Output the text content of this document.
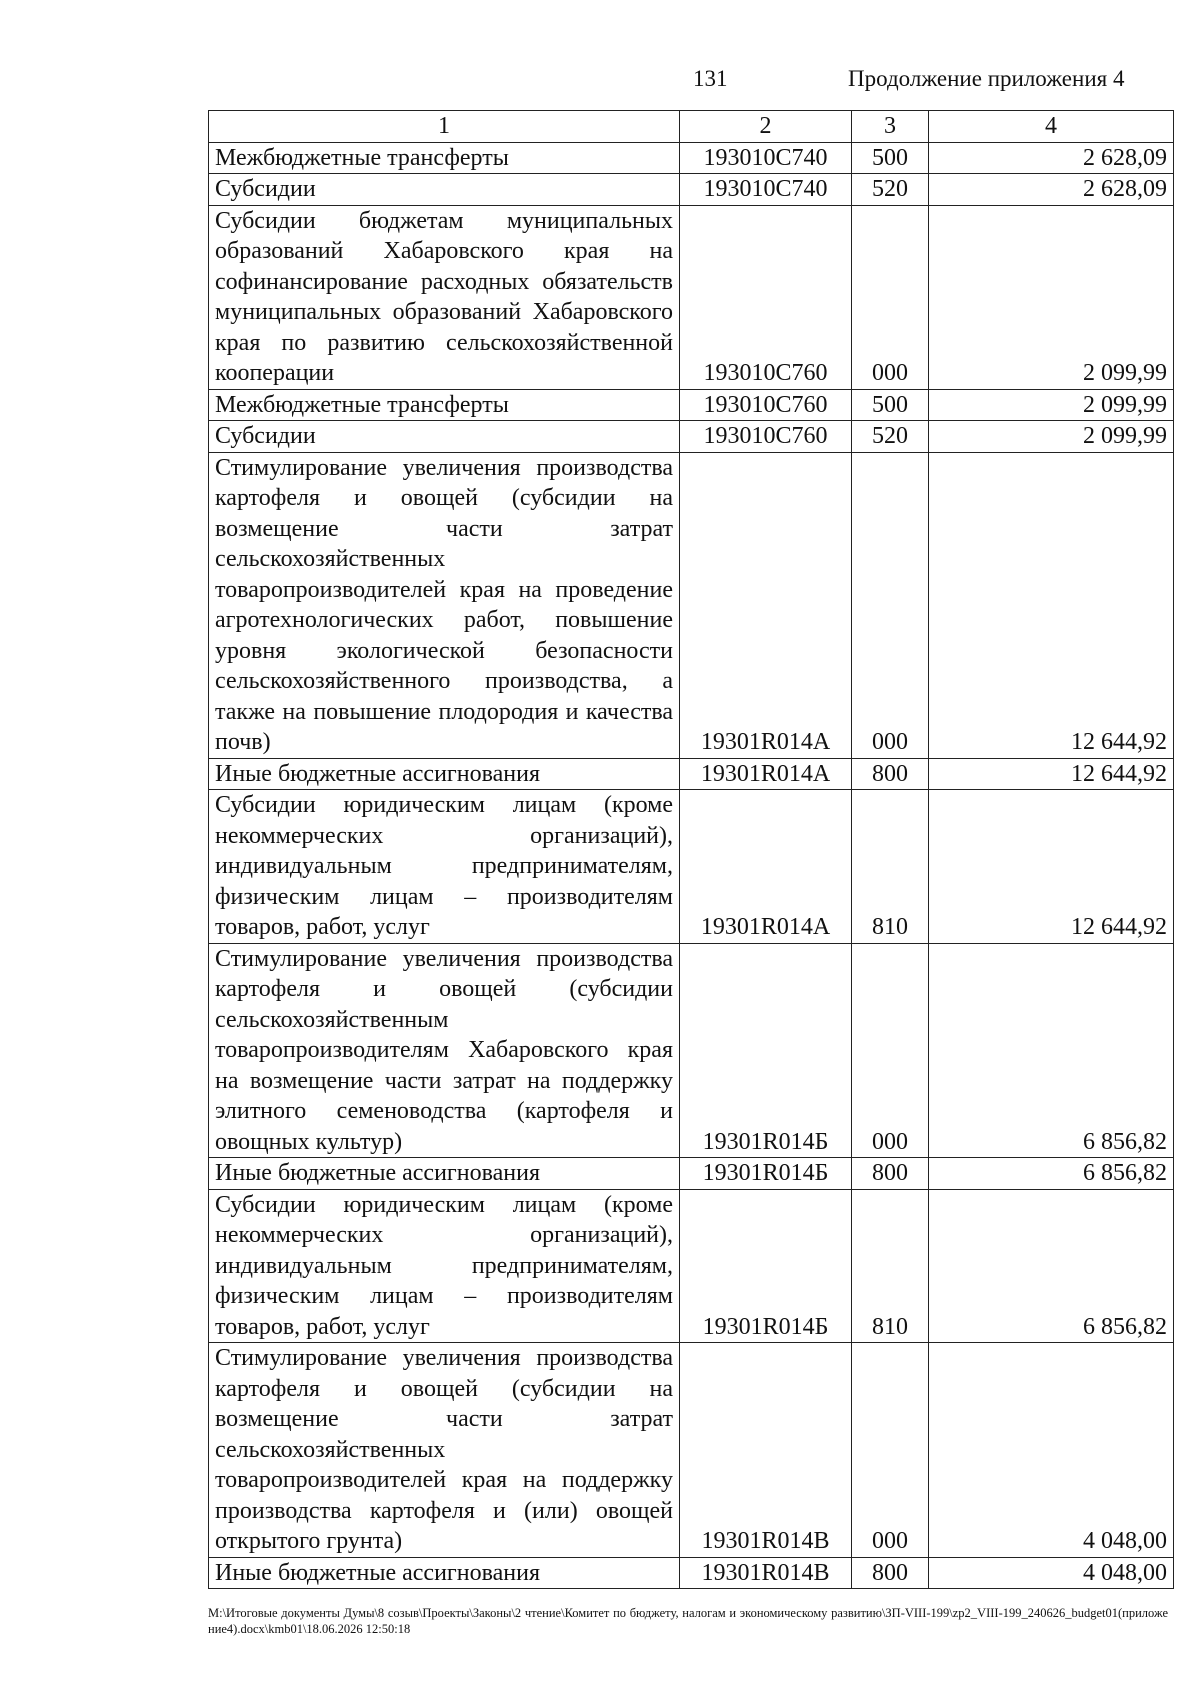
131	Продолжение приложения 4
1	2	3	4
Межбюджетные трансферты	193010C740	500	2 628,09
Субсидии	193010C740	520	2 628,09
Субсидии бюджетам муниципальных образований Хабаровского края на софинансирование расходных обязательств муниципальных образований Хабаровского края по развитию сельскохозяйственной кооперации	193010C760	000	2 099,99
Межбюджетные трансферты	193010C760	500	2 099,99
Субсидии	193010C760	520	2 099,99
Стимулирование увеличения производства картофеля и овощей (субсидии на возмещение части затрат сельскохозяйственных товаропроизводителей края на проведение агротехнологических работ, повышение уровня экологической безопасности сельскохозяйственного производства, а также на повышение плодородия и качества почв)	19301R014A	000	12 644,92
Иные бюджетные ассигнования	19301R014A	800	12 644,92
Субсидии юридическим лицам (кроме некоммерческих организаций), индивидуальным предпринимателям, физическим лицам – производителям товаров, работ, услуг	19301R014A	810	12 644,92
Стимулирование увеличения производства картофеля и овощей (субсидии сельскохозяйственным товаропроизводителям Хабаровского края на возмещение части затрат на поддержку элитного семеноводства (картофеля и овощных культур)	19301R014Б	000	6 856,82
Иные бюджетные ассигнования	19301R014Б	800	6 856,82
Субсидии юридическим лицам (кроме некоммерческих организаций), индивидуальным предпринимателям, физическим лицам – производителям товаров, работ, услуг	19301R014Б	810	6 856,82
Стимулирование увеличения производства картофеля и овощей (субсидии на возмещение части затрат сельскохозяйственных товаропроизводителей края на поддержку производства картофеля и (или) овощей открытого грунта)	19301R014В	000	4 048,00
Иные бюджетные ассигнования	19301R014В	800	4 048,00
M:\Итоговые документы Думы\8 созыв\Проекты\Законы\2 чтение\Комитет по бюджету, налогам и экономическому развитию\ЗП-VIII-199\zp2_VIII-199_240626_budget01(приложение4).docx\kmb01\18.06.2026 12:50:18
